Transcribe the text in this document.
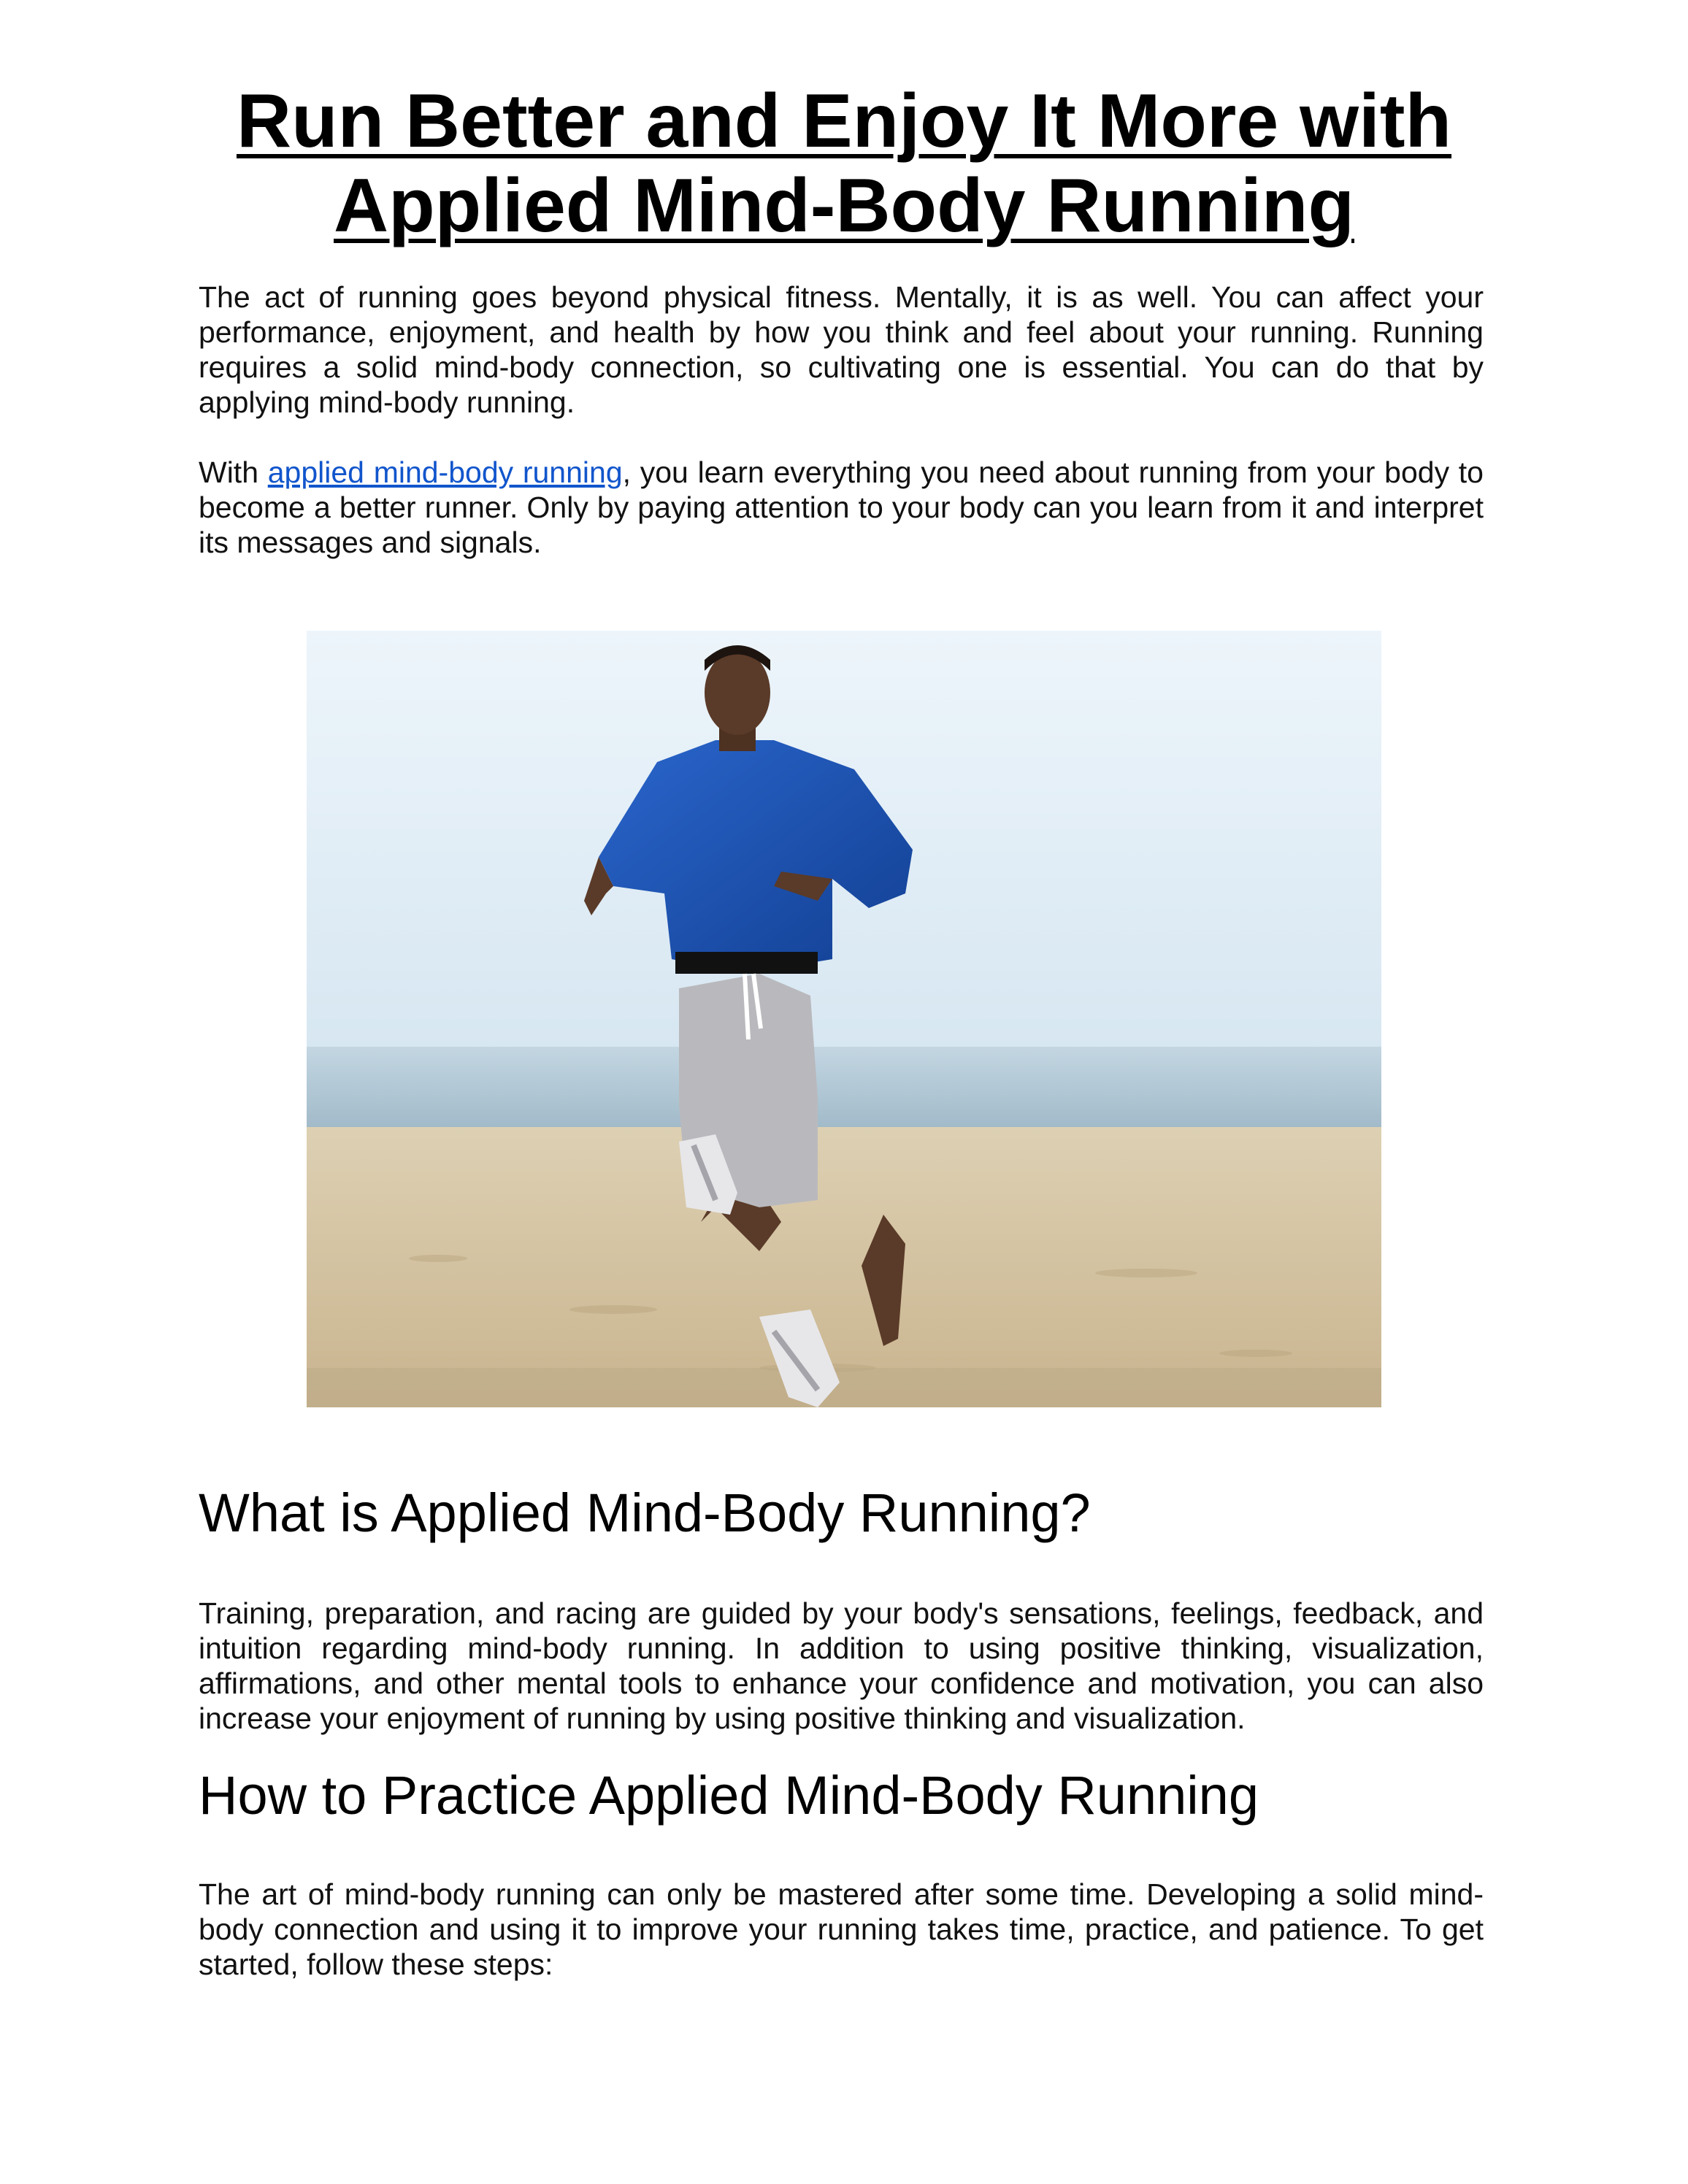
Run Better and Enjoy It More with
Applied Mind-Body Running

The act of running goes beyond physical fitness. Mentally, it is as well. You can affect your performance, enjoyment, and health by how you think and feel about your running. Running requires a solid mind-body connection, so cultivating one is essential. You can do that by applying mind-body running.

With applied mind-body running, you learn everything you need about running from your body to become a better runner. Only by paying attention to your body can you learn from it and interpret its messages and signals.

What is Applied Mind-Body Running?

Training, preparation, and racing are guided by your body's sensations, feelings, feedback, and intuition regarding mind-body running. In addition to using positive thinking, visualization, affirmations, and other mental tools to enhance your confidence and motivation, you can also increase your enjoyment of running by using positive thinking and visualization.

How to Practice Applied Mind-Body Running

The art of mind-body running can only be mastered after some time. Developing a solid mind-body connection and using it to improve your running takes time, practice, and patience. To get started, follow these steps:
